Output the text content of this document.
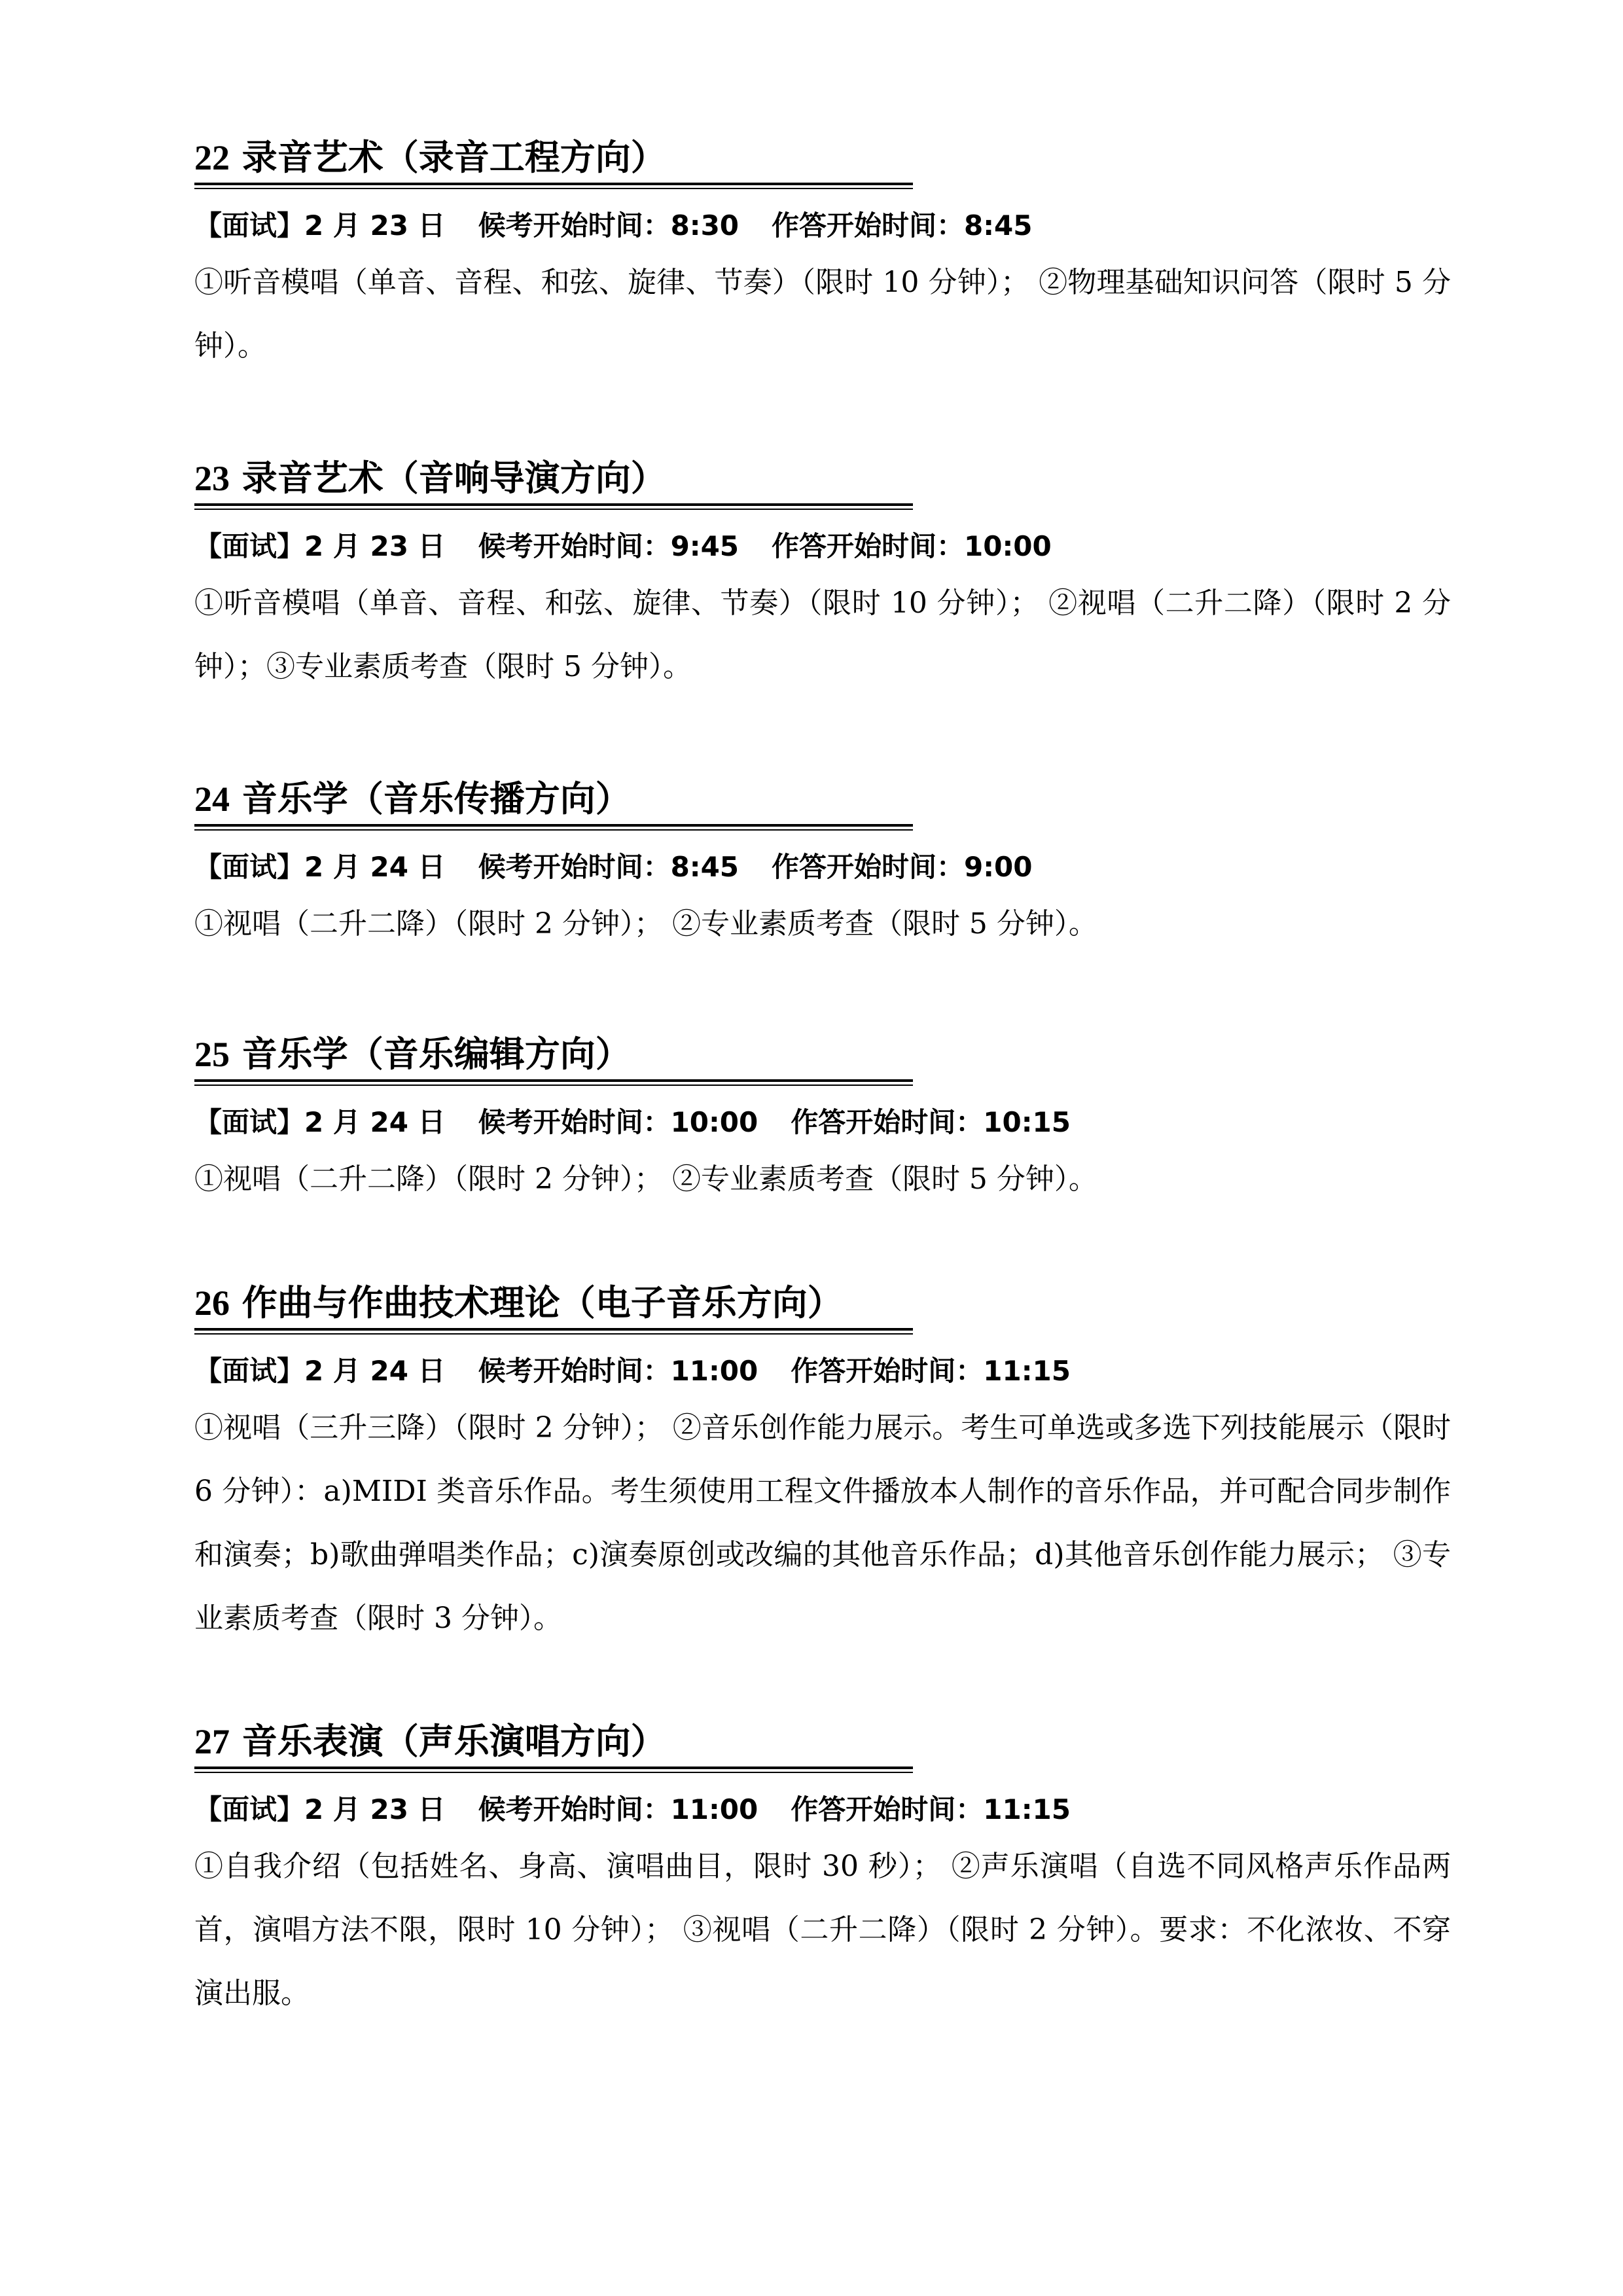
22 录音艺术（录音工程方向）
【面试】2 月 23 日 候考开始时间：8:30 作答开始时间：8:45
①听音模唱（单音、音程、和弦、旋律、节奏）（限时 10 分钟）； ②物理基础知识问答（限时 5 分钟）。
23 录音艺术（音响导演方向）
【面试】2 月 23 日 候考开始时间：9:45 作答开始时间：10:00
①听音模唱（单音、音程、和弦、旋律、节奏）（限时 10 分钟）； ②视唱（二升二降）（限时 2 分钟）；③专业素质考查（限时 5 分钟）。
24 音乐学（音乐传播方向）
【面试】2 月 24 日 候考开始时间：8:45 作答开始时间：9:00
①视唱（二升二降）（限时 2 分钟）； ②专业素质考查（限时 5 分钟）。
25 音乐学（音乐编辑方向）
【面试】2 月 24 日 候考开始时间：10:00 作答开始时间：10:15
①视唱（二升二降）（限时 2 分钟）； ②专业素质考查（限时 5 分钟）。
26 作曲与作曲技术理论（电子音乐方向）
【面试】2 月 24 日 候考开始时间：11:00 作答开始时间：11:15
①视唱（三升三降）（限时 2 分钟）； ②音乐创作能力展示。考生可单选或多选下列技能展示（限时 6 分钟）：a)MIDI 类音乐作品。考生须使用工程文件播放本人制作的音乐作品，并可配合同步制作和演奏；b)歌曲弹唱类作品；c)演奏原创或改编的其他音乐作品；d)其他音乐创作能力展示； ③专业素质考查（限时 3 分钟）。
27 音乐表演（声乐演唱方向）
【面试】2 月 23 日 候考开始时间：11:00 作答开始时间：11:15
①自我介绍（包括姓名、身高、演唱曲目，限时 30 秒）； ②声乐演唱（自选不同风格声乐作品两首，演唱方法不限，限时 10 分钟）； ③视唱（二升二降）（限时 2 分钟）。要求：不化浓妆、不穿演出服。
